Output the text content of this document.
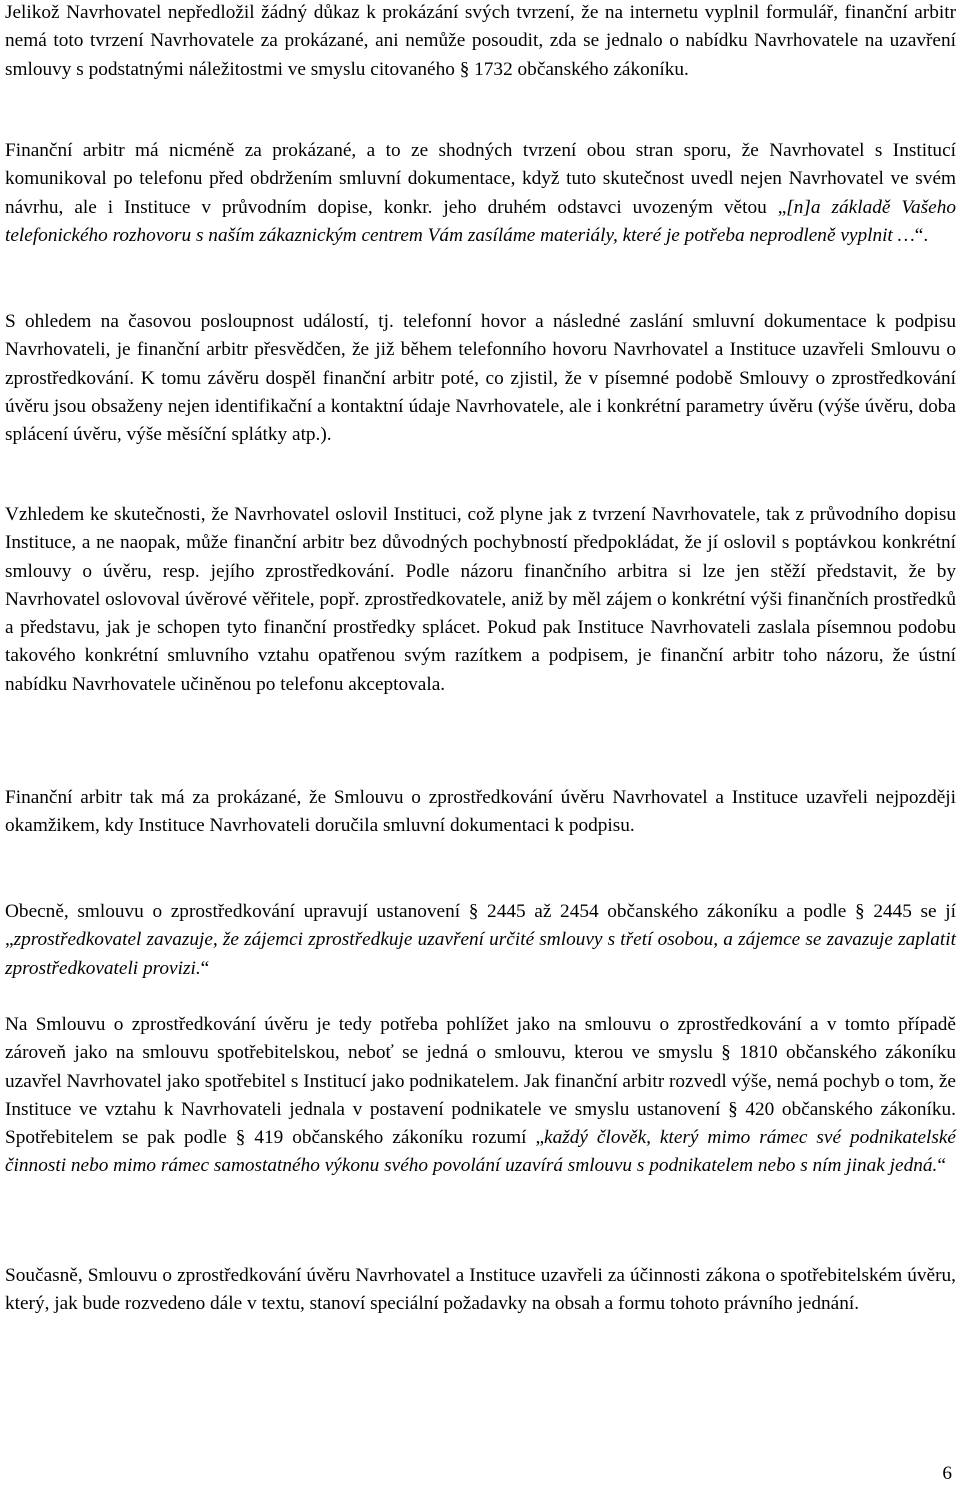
Jelikož Navrhovatel nepředložil žádný důkaz k prokázání svých tvrzení, že na internetu vyplnil formulář, finanční arbitr nemá toto tvrzení Navrhovatele za prokázané, ani nemůže posoudit, zda se jednalo o nabídku Navrhovatele na uzavření smlouvy s podstatnými náležitostmi ve smyslu citovaného § 1732 občanského zákoníku.

Finanční arbitr má nicméně za prokázané, a to ze shodných tvrzení obou stran sporu, že Navrhovatel s Institucí komunikoval po telefonu před obdržením smluvní dokumentace, když tuto skutečnost uvedl nejen Navrhovatel ve svém návrhu, ale i Instituce v průvodním dopise, konkr. jeho druhém odstavci uvozeným větou „[n]a základě Vašeho telefonického rozhovoru s naším zákaznickým centrem Vám zasíláme materiály, které je potřeba neprodleně vyplnit …“.

S ohledem na časovou posloupnost událostí, tj. telefonní hovor a následné zaslání smluvní dokumentace k podpisu Navrhovateli, je finanční arbitr přesvědčen, že již během telefonního hovoru Navrhovatel a Instituce uzavřeli Smlouvu o zprostředkování. K tomu závěru dospěl finanční arbitr poté, co zjistil, že v písemné podobě Smlouvy o zprostředkování úvěru jsou obsaženy nejen identifikační a kontaktní údaje Navrhovatele, ale i konkrétní parametry úvěru (výše úvěru, doba splácení úvěru, výše měsíční splátky atp.).

Vzhledem ke skutečnosti, že Navrhovatel oslovil Instituci, což plyne jak z tvrzení Navrhovatele, tak z průvodního dopisu Instituce, a ne naopak, může finanční arbitr bez důvodných pochybností předpokládat, že jí oslovil s poptávkou konkrétní smlouvy o úvěru, resp. jejího zprostředkování. Podle názoru finančního arbitra si lze jen stěží představit, že by Navrhovatel oslovoval úvěrové věřitele, popř. zprostředkovatele, aniž by měl zájem o konkrétní výši finančních prostředků a představu, jak je schopen tyto finanční prostředky splácet. Pokud pak Instituce Navrhovateli zaslala písemnou podobu takového konkrétní smluvního vztahu opatřenou svým razítkem a podpisem, je finanční arbitr toho názoru, že ústní nabídku Navrhovatele učiněnou po telefonu akceptovala.

Finanční arbitr tak má za prokázané, že Smlouvu o zprostředkování úvěru Navrhovatel a Instituce uzavřeli nejpozději okamžikem, kdy Instituce Navrhovateli doručila smluvní dokumentaci k podpisu.

Obecně, smlouvu o zprostředkování upravují ustanovení § 2445 až 2454 občanského zákoníku a podle § 2445 se jí „zprostředkovatel zavazuje, že zájemci zprostředkuje uzavření určité smlouvy s třetí osobou, a zájemce se zavazuje zaplatit zprostředkovateli provizi.“

Na Smlouvu o zprostředkování úvěru je tedy potřeba pohlížet jako na smlouvu o zprostředkování a v tomto případě zároveň jako na smlouvu spotřebitelskou, neboť se jedná o smlouvu, kterou ve smyslu § 1810 občanského zákoníku uzavřel Navrhovatel jako spotřebitel s Institucí jako podnikatelem. Jak finanční arbitr rozvedl výše, nemá pochyb o tom, že Instituce ve vztahu k Navrhovateli jednala v postavení podnikatele ve smyslu ustanovení § 420 občanského zákoníku. Spotřebitelem se pak podle § 419 občanského zákoníku rozumí „každý člověk, který mimo rámec své podnikatelské činnosti nebo mimo rámec samostatného výkonu svého povolání uzavírá smlouvu s podnikatelem nebo s ním jinak jedná.“

Současně, Smlouvu o zprostředkování úvěru Navrhovatel a Instituce uzavřeli za účinnosti zákona o spotřebitelském úvěru, který, jak bude rozvedeno dále v textu, stanoví speciální požadavky na obsah a formu tohoto právního jednání.

6
